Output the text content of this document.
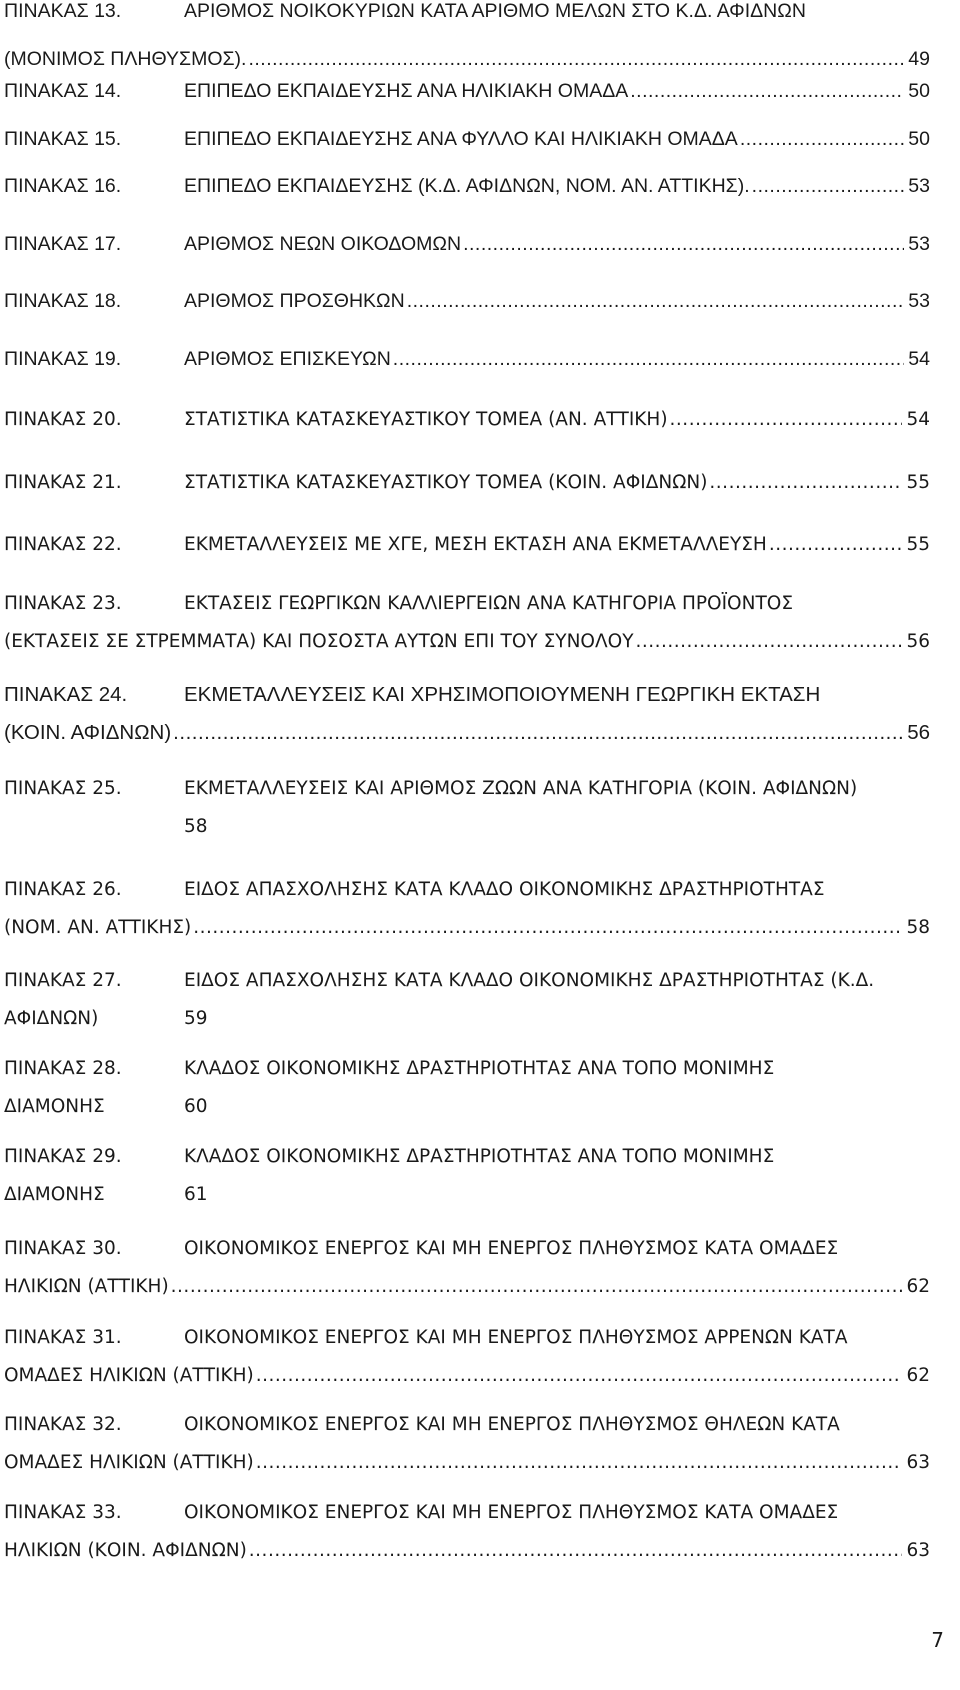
ΠΙΝΑΚΑΣ 13.	ΑΡΙΘΜΟΣ ΝΟΙΚΟΚΥΡΙΩΝ ΚΑΤΑ ΑΡΙΘΜΟ ΜΕΛΩΝ ΣΤΟ Κ.Δ. ΑΦΙΔΝΩΝ
(ΜΟΝΙΜΟΣ ΠΛΗΘΥΣΜΟΣ). .....	49
ΠΙΝΑΚΑΣ 14.	ΕΠΙΠΕΔΟ ΕΚΠΑΙΔΕΥΣΗΣ ΑΝΑ ΗΛΙΚΙΑΚΗ ΟΜΑΔΑ .....	50
ΠΙΝΑΚΑΣ 15.	ΕΠΙΠΕΔΟ ΕΚΠΑΙΔΕΥΣΗΣ ΑΝΑ ΦΥΛΛΟ ΚΑΙ ΗΛΙΚΙΑΚΗ ΟΜΑΔΑ .....	50
ΠΙΝΑΚΑΣ 16.	ΕΠΙΠΕΔΟ ΕΚΠΑΙΔΕΥΣΗΣ (Κ.Δ. ΑΦΙΔΝΩΝ, ΝΟΜ. ΑΝ. ΑΤΤΙΚΗΣ). .....	53
ΠΙΝΑΚΑΣ 17.	ΑΡΙΘΜΟΣ ΝΕΩΝ ΟΙΚΟΔΟΜΩΝ .....	53
ΠΙΝΑΚΑΣ 18.	ΑΡΙΘΜΟΣ ΠΡΟΣΘΗΚΩΝ .....	53
ΠΙΝΑΚΑΣ 19.	ΑΡΙΘΜΟΣ ΕΠΙΣΚΕΥΩΝ .....	54
ΠΙΝΑΚΑΣ 20.	ΣΤΑΤΙΣΤΙΚΑ ΚΑΤΑΣΚΕΥΑΣΤΙΚΟΥ ΤΟΜΕΑ (ΑΝ. ΑΤΤΙΚΗ) .....	54
ΠΙΝΑΚΑΣ 21.	ΣΤΑΤΙΣΤΙΚΑ ΚΑΤΑΣΚΕΥΑΣΤΙΚΟΥ ΤΟΜΕΑ (ΚΟΙΝ. ΑΦΙΔΝΩΝ) .....	55
ΠΙΝΑΚΑΣ 22.	ΕΚΜΕΤΑΛΛΕΥΣΕΙΣ ΜΕ ΧΓΕ, ΜΕΣΗ ΕΚΤΑΣΗ ΑΝΑ ΕΚΜΕΤΑΛΛΕΥΣΗ .....	55
ΠΙΝΑΚΑΣ 23.	ΕΚΤΑΣΕΙΣ ΓΕΩΡΓΙΚΩΝ ΚΑΛΛΙΕΡΓΕΙΩΝ ΑΝΑ ΚΑΤΗΓΟΡΙΑ ΠΡΟΪΟΝΤΟΣ
(ΕΚΤΑΣΕΙΣ ΣΕ ΣΤΡΕΜΜΑΤΑ) ΚΑΙ ΠΟΣΟΣΤΑ ΑΥΤΩΝ ΕΠΙ ΤΟΥ ΣΥΝΟΛΟΥ .....	56
ΠΙΝΑΚΑΣ 24.	ΕΚΜΕΤΑΛΛΕΥΣΕΙΣ ΚΑΙ ΧΡΗΣΙΜΟΠΟΙΟΥΜΕΝΗ ΓΕΩΡΓΙΚΗ ΕΚΤΑΣΗ
(ΚΟΙΝ. ΑΦΙΔΝΩΝ) .....	56
ΠΙΝΑΚΑΣ 25.	ΕΚΜΕΤΑΛΛΕΥΣΕΙΣ ΚΑΙ ΑΡΙΘΜΟΣ ΖΩΩΝ ΑΝΑ ΚΑΤΗΓΟΡΙΑ (ΚΟΙΝ. ΑΦΙΔΝΩΝ)
58
ΠΙΝΑΚΑΣ 26.	ΕΙΔΟΣ ΑΠΑΣΧΟΛΗΣΗΣ ΚΑΤΑ ΚΛΑΔΟ ΟΙΚΟΝΟΜΙΚΗΣ ΔΡΑΣΤΗΡΙΟΤΗΤΑΣ
(ΝΟΜ. ΑΝ. ΑΤΤΙΚΗΣ) .....	58
ΠΙΝΑΚΑΣ 27.	ΕΙΔΟΣ ΑΠΑΣΧΟΛΗΣΗΣ ΚΑΤΑ ΚΛΑΔΟ ΟΙΚΟΝΟΜΙΚΗΣ ΔΡΑΣΤΗΡΙΟΤΗΤΑΣ (Κ.Δ.
ΑΦΙΔΝΩΝ)	59
ΠΙΝΑΚΑΣ 28.	ΚΛΑΔΟΣ ΟΙΚΟΝΟΜΙΚΗΣ ΔΡΑΣΤΗΡΙΟΤΗΤΑΣ ΑΝΑ ΤΟΠΟ ΜΟΝΙΜΗΣ
ΔΙΑΜΟΝΗΣ	60
ΠΙΝΑΚΑΣ 29.	ΚΛΑΔΟΣ ΟΙΚΟΝΟΜΙΚΗΣ ΔΡΑΣΤΗΡΙΟΤΗΤΑΣ ΑΝΑ ΤΟΠΟ ΜΟΝΙΜΗΣ
ΔΙΑΜΟΝΗΣ	61
ΠΙΝΑΚΑΣ 30.	ΟΙΚΟΝΟΜΙΚΟΣ ΕΝΕΡΓΟΣ ΚΑΙ ΜΗ ΕΝΕΡΓΟΣ ΠΛΗΘΥΣΜΟΣ ΚΑΤΑ ΟΜΑΔΕΣ
ΗΛΙΚΙΩΝ (ΑΤΤΙΚΗ) .....	62
ΠΙΝΑΚΑΣ 31.	ΟΙΚΟΝΟΜΙΚΟΣ ΕΝΕΡΓΟΣ ΚΑΙ ΜΗ ΕΝΕΡΓΟΣ ΠΛΗΘΥΣΜΟΣ ΑΡΡΕΝΩΝ ΚΑΤΑ
ΟΜΑΔΕΣ ΗΛΙΚΙΩΝ (ΑΤΤΙΚΗ) .....	62
ΠΙΝΑΚΑΣ 32.	ΟΙΚΟΝΟΜΙΚΟΣ ΕΝΕΡΓΟΣ ΚΑΙ ΜΗ ΕΝΕΡΓΟΣ ΠΛΗΘΥΣΜΟΣ ΘΗΛΕΩΝ ΚΑΤΑ
ΟΜΑΔΕΣ ΗΛΙΚΙΩΝ (ΑΤΤΙΚΗ) .....	63
ΠΙΝΑΚΑΣ 33.	ΟΙΚΟΝΟΜΙΚΟΣ ΕΝΕΡΓΟΣ ΚΑΙ ΜΗ ΕΝΕΡΓΟΣ ΠΛΗΘΥΣΜΟΣ ΚΑΤΑ ΟΜΑΔΕΣ
ΗΛΙΚΙΩΝ (ΚΟΙΝ. ΑΦΙΔΝΩΝ) .....	63
7
